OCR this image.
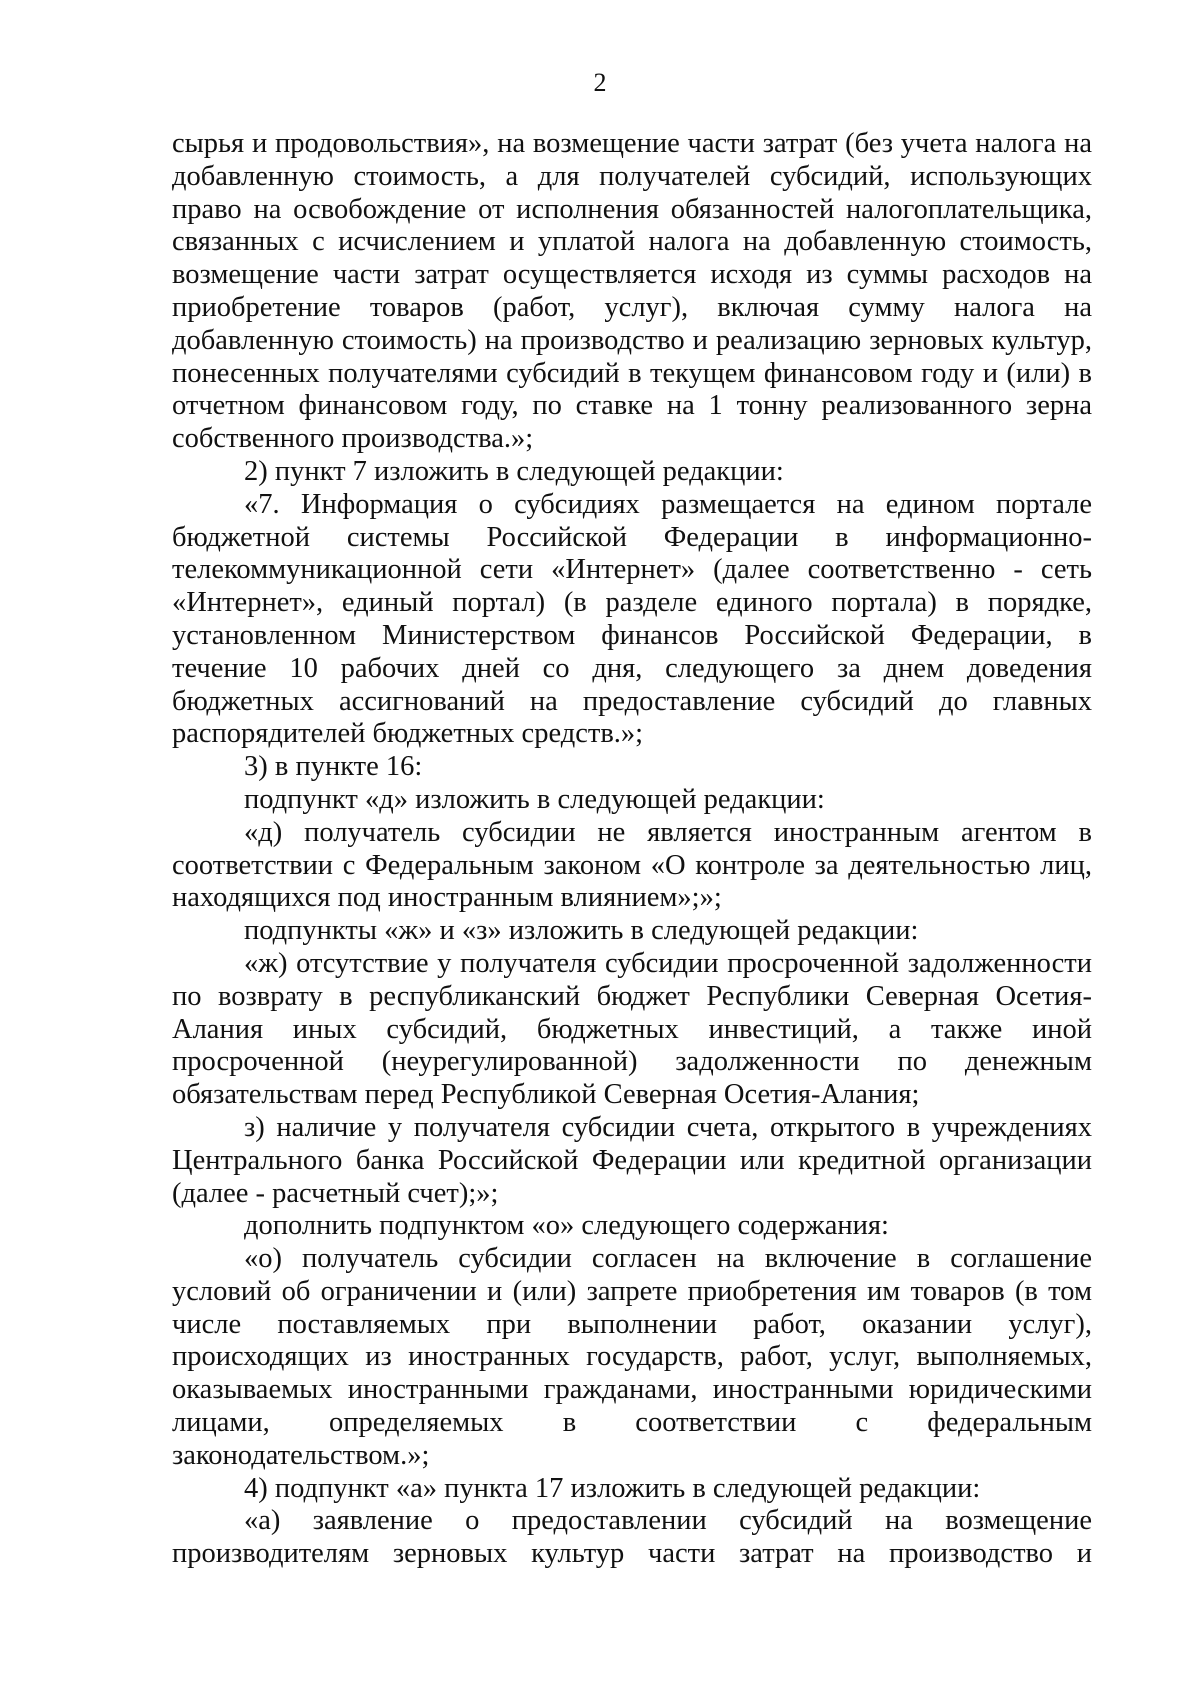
2

сырья и продовольствия», на возмещение части затрат (без учета налога на добавленную стоимость, а для получателей субсидий, использующих право на освобождение от исполнения обязанностей налогоплательщика, связанных с исчислением и уплатой налога на добавленную стоимость, возмещение части затрат осуществляется исходя из суммы расходов на приобретение товаров (работ, услуг), включая сумму налога на добавленную стоимость) на производство и реализацию зерновых культур, понесенных получателями субсидий в текущем финансовом году и (или) в отчетном финансовом году, по ставке на 1 тонну реализованного зерна собственного производства.»;

2) пункт 7 изложить в следующей редакции:

«7. Информация о субсидиях размещается на едином портале бюджетной системы Российской Федерации в информационно-телекоммуникационной сети «Интернет» (далее соответственно - сеть «Интернет», единый портал) (в разделе единого портала) в порядке, установленном Министерством финансов Российской Федерации, в течение 10 рабочих дней со дня, следующего за днем доведения бюджетных ассигнований на предоставление субсидий до главных распорядителей бюджетных средств.»;

3) в пункте 16:

подпункт «д» изложить в следующей редакции:

«д) получатель субсидии не является иностранным агентом в соответствии с Федеральным законом «О контроле за деятельностью лиц, находящихся под иностранным влиянием»;»;

подпункты «ж» и «з» изложить в следующей редакции:

«ж) отсутствие у получателя субсидии просроченной задолженности по возврату в республиканский бюджет Республики Северная Осетия-Алания иных субсидий, бюджетных инвестиций, а также иной просроченной (неурегулированной) задолженности по денежным обязательствам перед Республикой Северная Осетия-Алания;

з) наличие у получателя субсидии счета, открытого в учреждениях Центрального банка Российской Федерации или кредитной организации (далее - расчетный счет);»;

дополнить подпунктом «о» следующего содержания:

«о) получатель субсидии согласен на включение в соглашение условий об ограничении и (или) запрете приобретения им товаров (в том числе поставляемых при выполнении работ, оказании услуг), происходящих из иностранных государств, работ, услуг, выполняемых, оказываемых иностранными гражданами, иностранными юридическими лицами, определяемых в соответствии с федеральным законодательством.»;

4) подпункт «а» пункта 17 изложить в следующей редакции:

«а) заявление о предоставлении субсидий на возмещение производителям зерновых культур части затрат на производство и
